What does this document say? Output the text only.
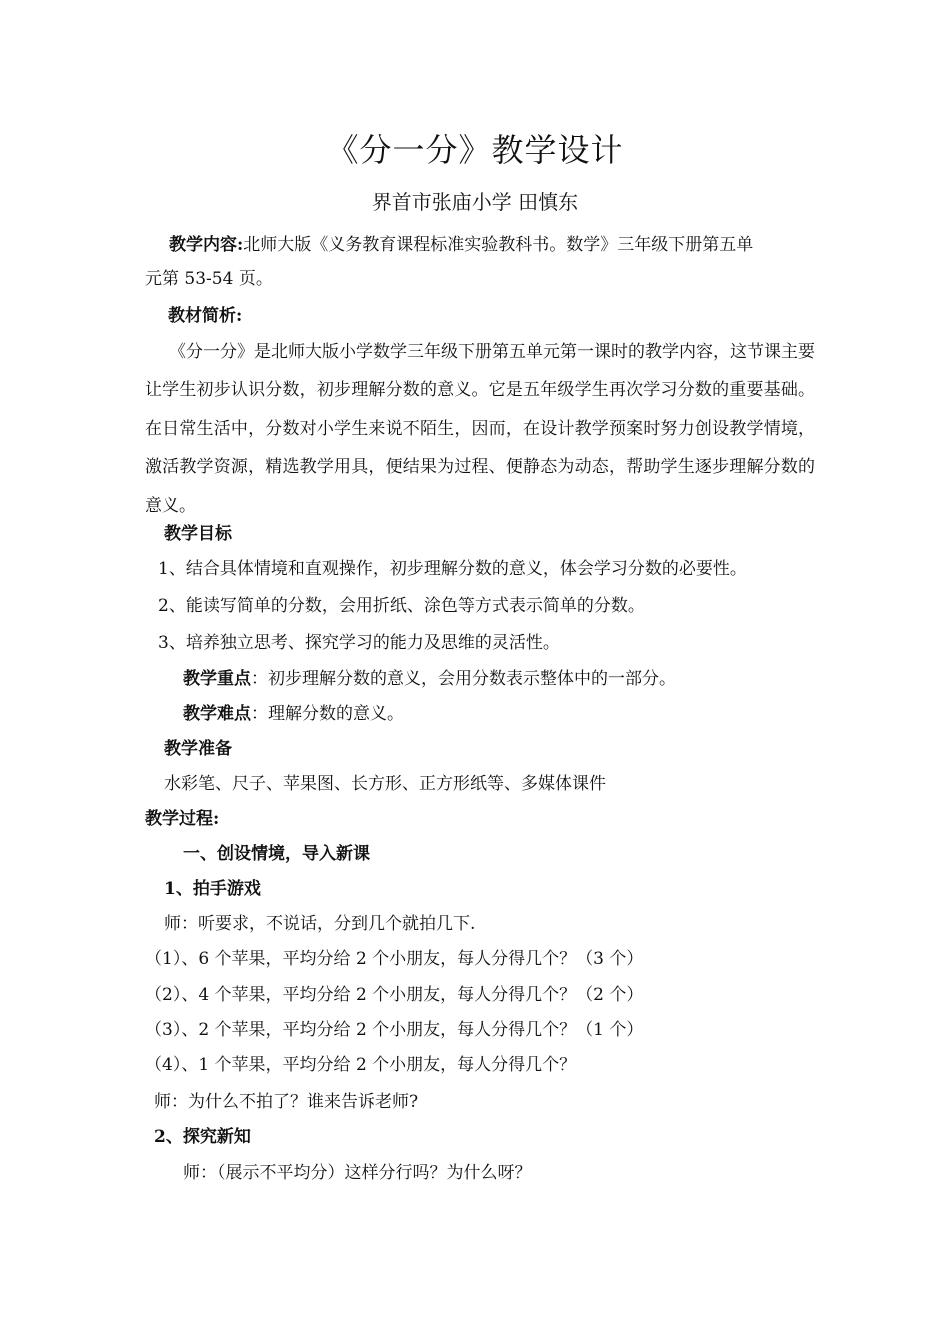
《分一分》教学设计
界首市张庙小学 田慎东
教学内容:北师大版《义务教育课程标准实验教科书。数学》三年级下册第五单
元第 53-54 页。
教材简析:
《分一分》是北师大版小学数学三年级下册第五单元第一课时的教学内容，这节课主要让学生初步认识分数，初步理解分数的意义。它是五年级学生再次学习分数的重要基础。在日常生活中，分数对小学生来说不陌生，因而，在设计教学预案时努力创设教学情境，激活教学资源，精选教学用具，便结果为过程、便静态为动态，帮助学生逐步理解分数的意义。
教学目标
1、结合具体情境和直观操作，初步理解分数的意义，体会学习分数的必要性。
2、能读写简单的分数，会用折纸、涂色等方式表示简单的分数。
3、培养独立思考、探究学习的能力及思维的灵活性。
教学重点：初步理解分数的意义，会用分数表示整体中的一部分。
教学难点：理解分数的意义。
教学准备
水彩笔、尺子、苹果图、长方形、正方形纸等、多媒体课件
教学过程:
一、创设情境，导入新课
1、拍手游戏
师：听要求，不说话，分到几个就拍几下.
（1）、6 个苹果，平均分给 2 个小朋友，每人分得几个？（3 个）
（2）、4 个苹果，平均分给 2 个小朋友，每人分得几个？（2 个）
（3）、2 个苹果，平均分给 2 个小朋友，每人分得几个？（1 个）
（4）、1 个苹果，平均分给 2 个小朋友，每人分得几个？
师：为什么不拍了？谁来告诉老师?
2、探究新知
师：（展示不平均分）这样分行吗？为什么呀？
